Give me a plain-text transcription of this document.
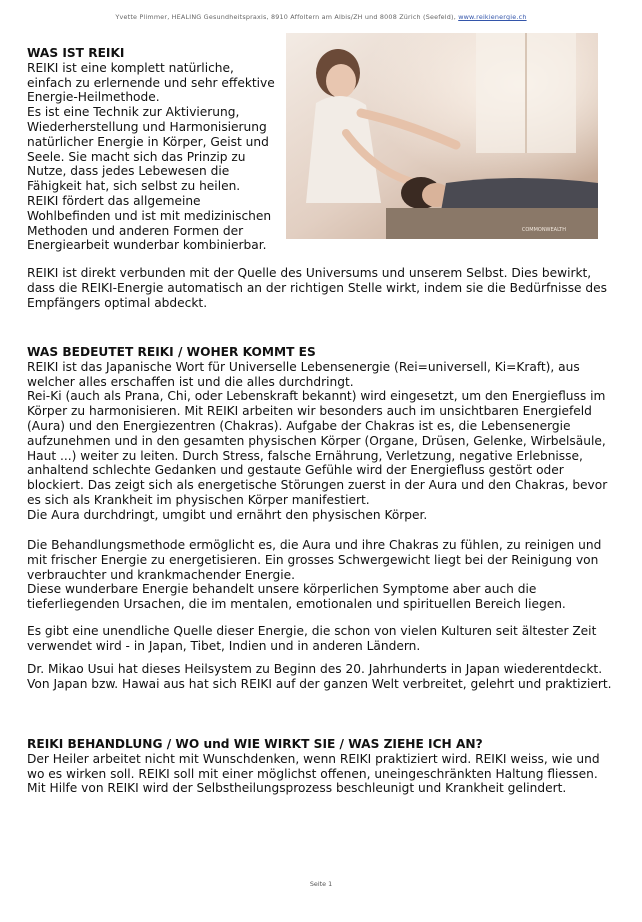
Yvette Plimmer, HEALING Gesundheitspraxis, 8910 Affoltern am Albis/ZH und 8008 Zürich (Seefeld), www.reikienergie.ch
WAS IST REIKI

REIKI ist eine komplett natürliche, einfach zu erlernende und sehr effektive Energie-Heilmethode.

Es ist eine Technik zur Aktivierung, Wiederherstellung und Harmonisierung natürlicher Energie in Körper, Geist und Seele. Sie macht sich das Prinzip zu Nutze, dass jedes Lebewesen die Fähigkeit hat, sich selbst zu heilen.

REIKI fördert das allgemeine Wohlbefinden und ist mit medizinischen Methoden und anderen Formen der Energiearbeit wunderbar kombinierbar.

COMMONWEALTH

REIKI ist direkt verbunden mit der Quelle des Universums und unserem Selbst. Dies bewirkt, dass die REIKI-Energie automatisch an der richtigen Stelle wirkt, indem sie die Bedürfnisse des Empfängers optimal abdeckt.

WAS BEDEUTET REIKI / WOHER KOMMT ES

REIKI ist das Japanische Wort für Universelle Lebensenergie (Rei=universell, Ki=Kraft), aus welcher alles erschaffen ist und die alles durchdringt.

Rei-Ki (auch als Prana, Chi, oder Lebenskraft bekannt) wird eingesetzt, um den Energiefluss im Körper zu harmonisieren. Mit REIKI arbeiten wir besonders auch im unsichtbaren Energiefeld (Aura) und den Energiezentren (Chakras). Aufgabe der Chakras ist es, die Lebensenergie aufzunehmen und in den gesamten physischen Körper (Organe, Drüsen, Gelenke, Wirbelsäule, Haut ...) weiter zu leiten. Durch Stress, falsche Ernährung, Verletzung, negative Erlebnisse, anhaltend schlechte Gedanken und gestaute Gefühle wird der Energiefluss gestört oder blockiert. Das zeigt sich als energetische Störungen zuerst in der Aura und den Chakras, bevor es sich als Krankheit im physischen Körper manifestiert.

Die Aura durchdringt, umgibt und ernährt den physischen Körper.

Die Behandlungsmethode ermöglicht es, die Aura und ihre Chakras zu fühlen, zu reinigen und mit frischer Energie zu energetisieren. Ein grosses Schwergewicht liegt bei der Reinigung von verbrauchter und krankmachender Energie.

Diese wunderbare Energie behandelt unsere körperlichen Symptome aber auch die tieferliegenden Ursachen, die im mentalen, emotionalen und spirituellen Bereich liegen.

Es gibt eine unendliche Quelle dieser Energie, die schon von vielen Kulturen seit ältester Zeit verwendet wird - in Japan, Tibet, Indien und in anderen Ländern.

Dr. Mikao Usui hat dieses Heilsystem zu Beginn des 20. Jahrhunderts in Japan wiederentdeckt. Von Japan bzw. Hawai aus hat sich REIKI auf der ganzen Welt verbreitet, gelehrt und praktiziert.

REIKI BEHANDLUNG / WO und WIE WIRKT SIE / WAS ZIEHE ICH AN?

Der Heiler arbeitet nicht mit Wunschdenken, wenn REIKI praktiziert wird. REIKI weiss, wie und wo es wirken soll. REIKI soll mit einer möglichst offenen, uneingeschränkten Haltung fliessen. Mit Hilfe von REIKI wird der Selbstheilungsprozess beschleunigt und Krankheit gelindert.

Seite 1
